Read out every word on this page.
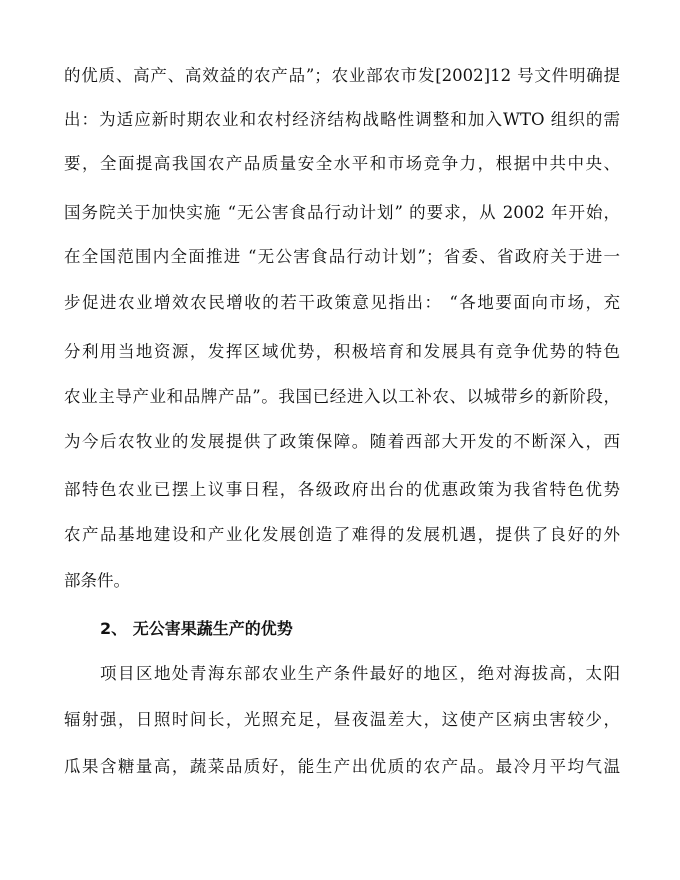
的优质、高产、高效益的农产品”；农业部农市发[2002]12 号文件明确提
出：为适应新时期农业和农村经济结构战略性调整和加入WTO 组织的需
要，全面提高我国农产品质量安全水平和市场竞争力，根据中共中央、
国务院关于加快实施 “无公害食品行动计划” 的要求，从 2002 年开始，
在全国范围内全面推进 “无公害食品行动计划”；省委、省政府关于进一
步促进农业增效农民增收的若干政策意见指出： “各地要面向市场，充
分利用当地资源，发挥区域优势，积极培育和发展具有竞争优势的特色
农业主导产业和品牌产品”。我国已经进入以工补农、以城带乡的新阶段，
为今后农牧业的发展提供了政策保障。随着西部大开发的不断深入，西
部特色农业已摆上议事日程，各级政府出台的优惠政策为我省特色优势
农产品基地建设和产业化发展创造了难得的发展机遇，提供了良好的外
部条件。
2、 无公害果蔬生产的优势
项目区地处青海东部农业生产条件最好的地区，绝对海拔高，太阳
辐射强，日照时间长，光照充足，昼夜温差大，这使产区病虫害较少，
瓜果含糖量高，蔬菜品质好，能生产出优质的农产品。最冷月平均气温
